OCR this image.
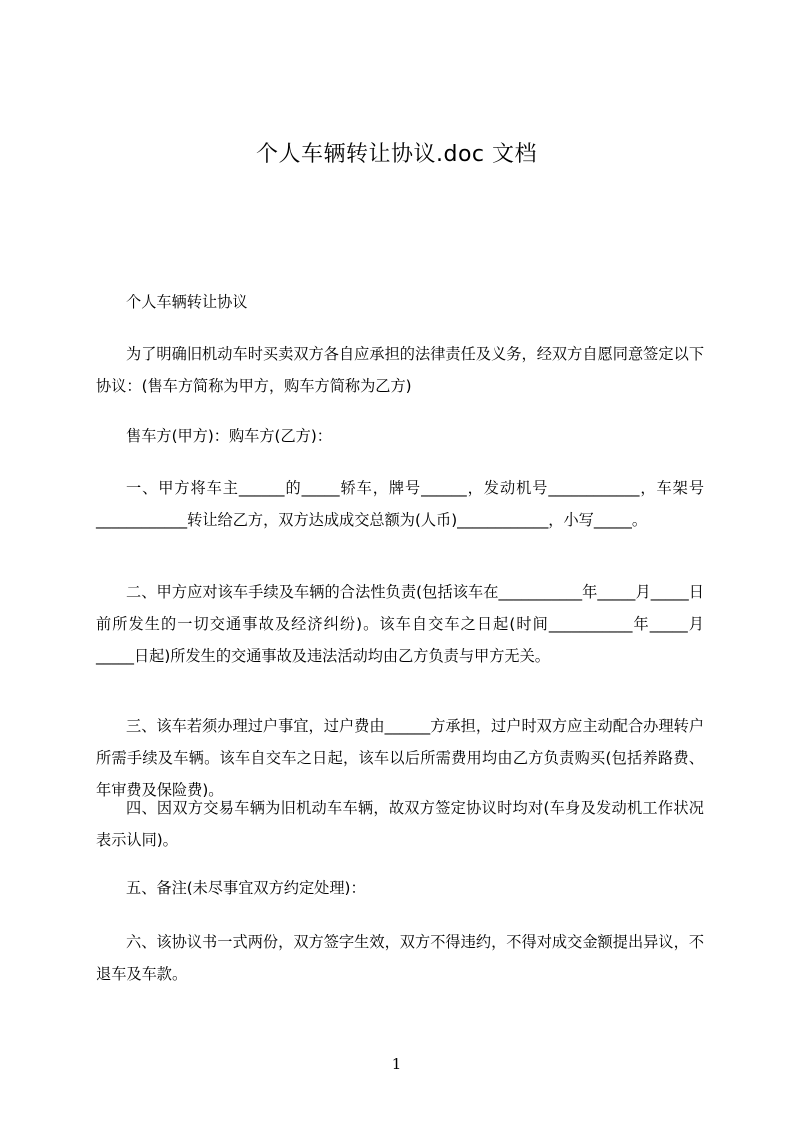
个人车辆转让协议.doc 文档

个人车辆转让协议

为了明确旧机动车时买卖双方各自应承担的法律责任及义务，经双方自愿同意签定以下协议：(售车方简称为甲方，购车方简称为乙方)

售车方(甲方)：购车方(乙方)：

一、甲方将车主______的_____轿车，牌号______，发动机号____________，车架号____________转让给乙方，双方达成成交总额为(人币)____________，小写_____。

二、甲方应对该车手续及车辆的合法性负责(包括该车在___________年_____月_____日前所发生的一切交通事故及经济纠纷)。该车自交车之日起(时间___________年_____月_____日起)所发生的交通事故及违法活动均由乙方负责与甲方无关。

三、该车若须办理过户事宜，过户费由______方承担，过户时双方应主动配合办理转户所需手续及车辆。该车自交车之日起，该车以后所需费用均由乙方负责购买(包括养路费、年审费及保险费)。

四、因双方交易车辆为旧机动车车辆，故双方签定协议时均对(车身及发动机工作状况表示认同)。

五、备注(未尽事宜双方约定处理)：

六、该协议书一式两份，双方签字生效，双方不得违约，不得对成交金额提出异议，不退车及车款。

1
